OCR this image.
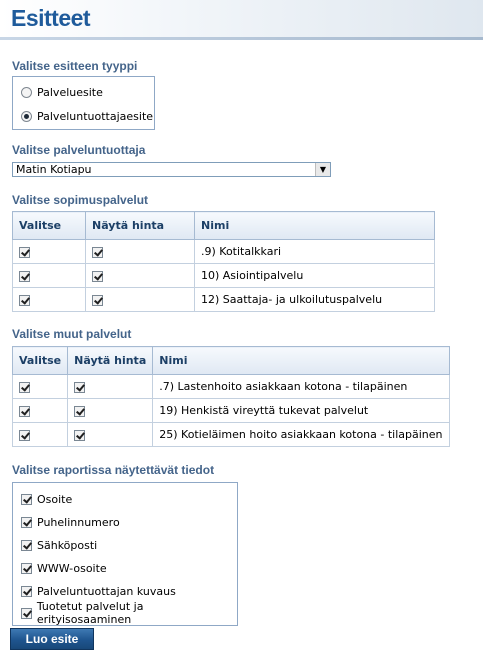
Esitteet
Valitse esitteen tyyppi
Palveluesite
Palveluntuottajaesite
Valitse palveluntuottaja
Matin Kotiapu	▼
Valitse sopimuspalvelut
Valitse	Näytä hinta	Nimi
		.9) Kotitalkkari
		10) Asiointipalvelu
		12) Saattaja- ja ulkoilutuspalvelu
Valitse muut palvelut
Valitse	Näytä hinta	Nimi
		.7) Lastenhoito asiakkaan kotona - tilapäinen
		19) Henkistä vireyttä tukevat palvelut
		25) Kotieläimen hoito asiakkaan kotona - tilapäinen
Valitse raportissa näytettävät tiedot
Osoite
Puhelinnumero
Sähköposti
WWW-osoite
Palveluntuottajan kuvaus
Tuotetut palvelut ja erityisosaaminen
Luo esite
